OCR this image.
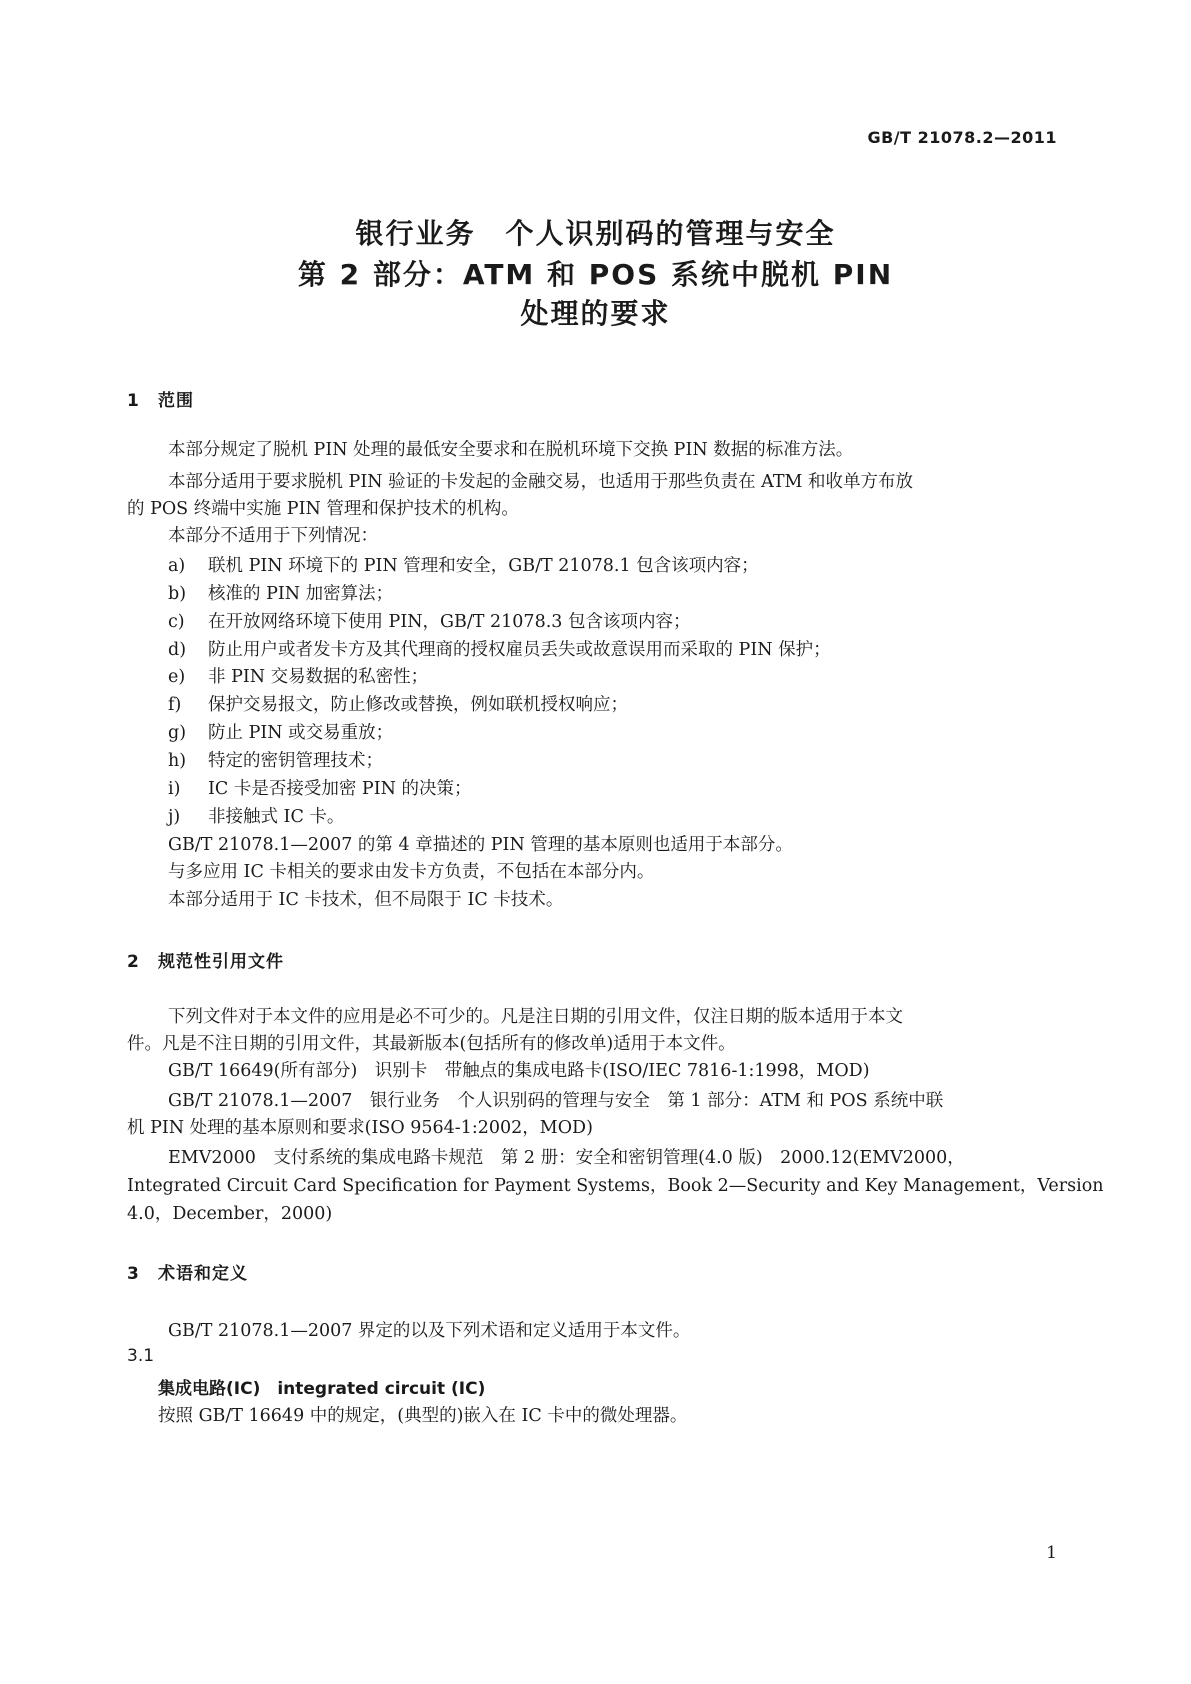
GB/T 21078.2—2011
银行业务　个人识别码的管理与安全
第 2 部分：ATM 和 POS 系统中脱机 PIN
处理的要求
1 范围
本部分规定了脱机 PIN 处理的最低安全要求和在脱机环境下交换 PIN 数据的标准方法。
本部分适用于要求脱机 PIN 验证的卡发起的金融交易，也适用于那些负责在 ATM 和收单方布放
的 POS 终端中实施 PIN 管理和保护技术的机构。
本部分不适用于下列情况：
a) 联机 PIN 环境下的 PIN 管理和安全，GB/T 21078.1 包含该项内容；
b) 核准的 PIN 加密算法；
c) 在开放网络环境下使用 PIN，GB/T 21078.3 包含该项内容；
d) 防止用户或者发卡方及其代理商的授权雇员丢失或故意误用而采取的 PIN 保护；
e) 非 PIN 交易数据的私密性；
f) 保护交易报文，防止修改或替换，例如联机授权响应；
g) 防止 PIN 或交易重放；
h) 特定的密钥管理技术；
i) IC 卡是否接受加密 PIN 的决策；
j) 非接触式 IC 卡。
GB/T 21078.1—2007 的第 4 章描述的 PIN 管理的基本原则也适用于本部分。
与多应用 IC 卡相关的要求由发卡方负责，不包括在本部分内。
本部分适用于 IC 卡技术，但不局限于 IC 卡技术。
2 规范性引用文件
下列文件对于本文件的应用是必不可少的。凡是注日期的引用文件，仅注日期的版本适用于本文
件。凡是不注日期的引用文件，其最新版本(包括所有的修改单)适用于本文件。
GB/T 16649(所有部分)　识别卡　带触点的集成电路卡(ISO/IEC 7816-1:1998，MOD)
GB/T 21078.1—2007　银行业务　个人识别码的管理与安全　第 1 部分：ATM 和 POS 系统中联
机 PIN 处理的基本原则和要求(ISO 9564-1:2002，MOD)
EMV2000　支付系统的集成电路卡规范　第 2 册：安全和密钥管理(4.0 版)　2000.12(EMV2000，
Integrated Circuit Card Specification for Payment Systems，Book 2—Security and Key Management，Version
4.0，December，2000)
3 术语和定义
GB/T 21078.1—2007 界定的以及下列术语和定义适用于本文件。
3.1
集成电路(IC)　integrated circuit (IC)
按照 GB/T 16649 中的规定，(典型的)嵌入在 IC 卡中的微处理器。
1
